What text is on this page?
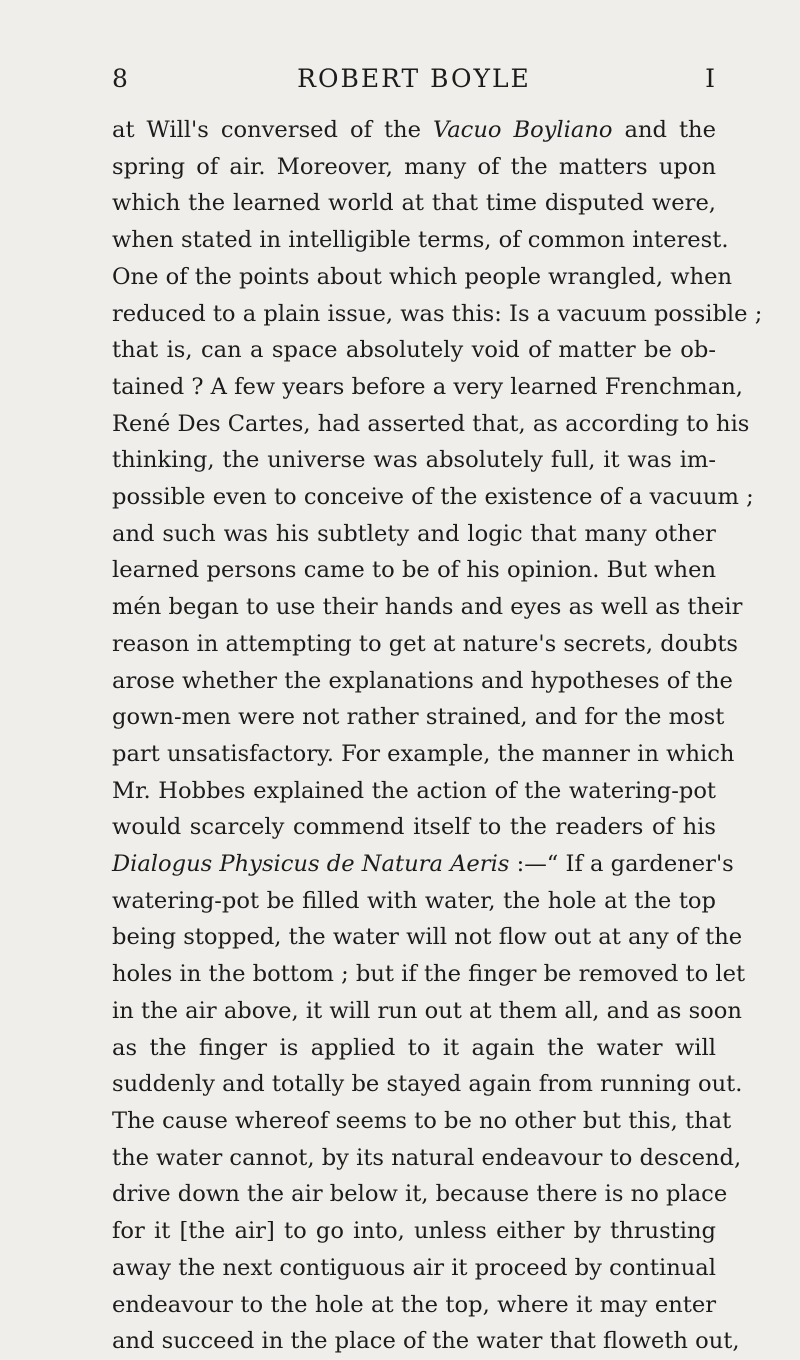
8	ROBERT BOYLE	I
at Will's conversed of the Vacuo Boyliano and the
spring of air. Moreover, many of the matters upon
which the learned world at that time disputed were,
when stated in intelligible terms, of common interest.
One of the points about which people wrangled, when
reduced to a plain issue, was this: Is a vacuum possible ;
that is, can a space absolutely void of matter be ob-
tained ? A few years before a very learned Frenchman,
René Des Cartes, had asserted that, as according to his
thinking, the universe was absolutely full, it was im-
possible even to conceive of the existence of a vacuum ;
and such was his subtlety and logic that many other
learned persons came to be of his opinion. But when
mén began to use their hands and eyes as well as their
reason in attempting to get at nature's secrets, doubts
arose whether the explanations and hypotheses of the
gown-men were not rather strained, and for the most
part unsatisfactory. For example, the manner in which
Mr. Hobbes explained the action of the watering-pot
would scarcely commend itself to the readers of his
Dialogus Physicus de Natura Aeris :—“ If a gardener's
watering-pot be filled with water, the hole at the top
being stopped, the water will not flow out at any of the
holes in the bottom ; but if the finger be removed to let
in the air above, it will run out at them all, and as soon
as the finger is applied to it again the water will
suddenly and totally be stayed again from running out.
The cause whereof seems to be no other but this, that
the water cannot, by its natural endeavour to descend,
drive down the air below it, because there is no place
for it [the air] to go into, unless either by thrusting
away the next contiguous air it proceed by continual
endeavour to the hole at the top, where it may enter
and succeed in the place of the water that floweth out,
